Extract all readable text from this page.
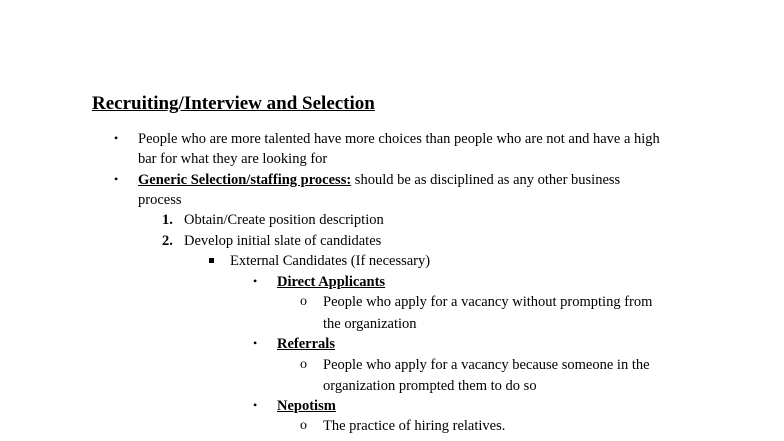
Recruiting/Interview and Selection
• People who are more talented have more choices than people who are not and have a high
bar for what they are looking for
• Generic Selection/staffing process: should be as disciplined as any other business
process
1. Obtain/Create position description
2. Develop initial slate of candidates
External Candidates (If necessary)
• Direct Applicants
o People who apply for a vacancy without prompting from
the organization
• Referrals
o People who apply for a vacancy because someone in the
organization prompted them to do so
• Nepotism
o The practice of hiring relatives.
